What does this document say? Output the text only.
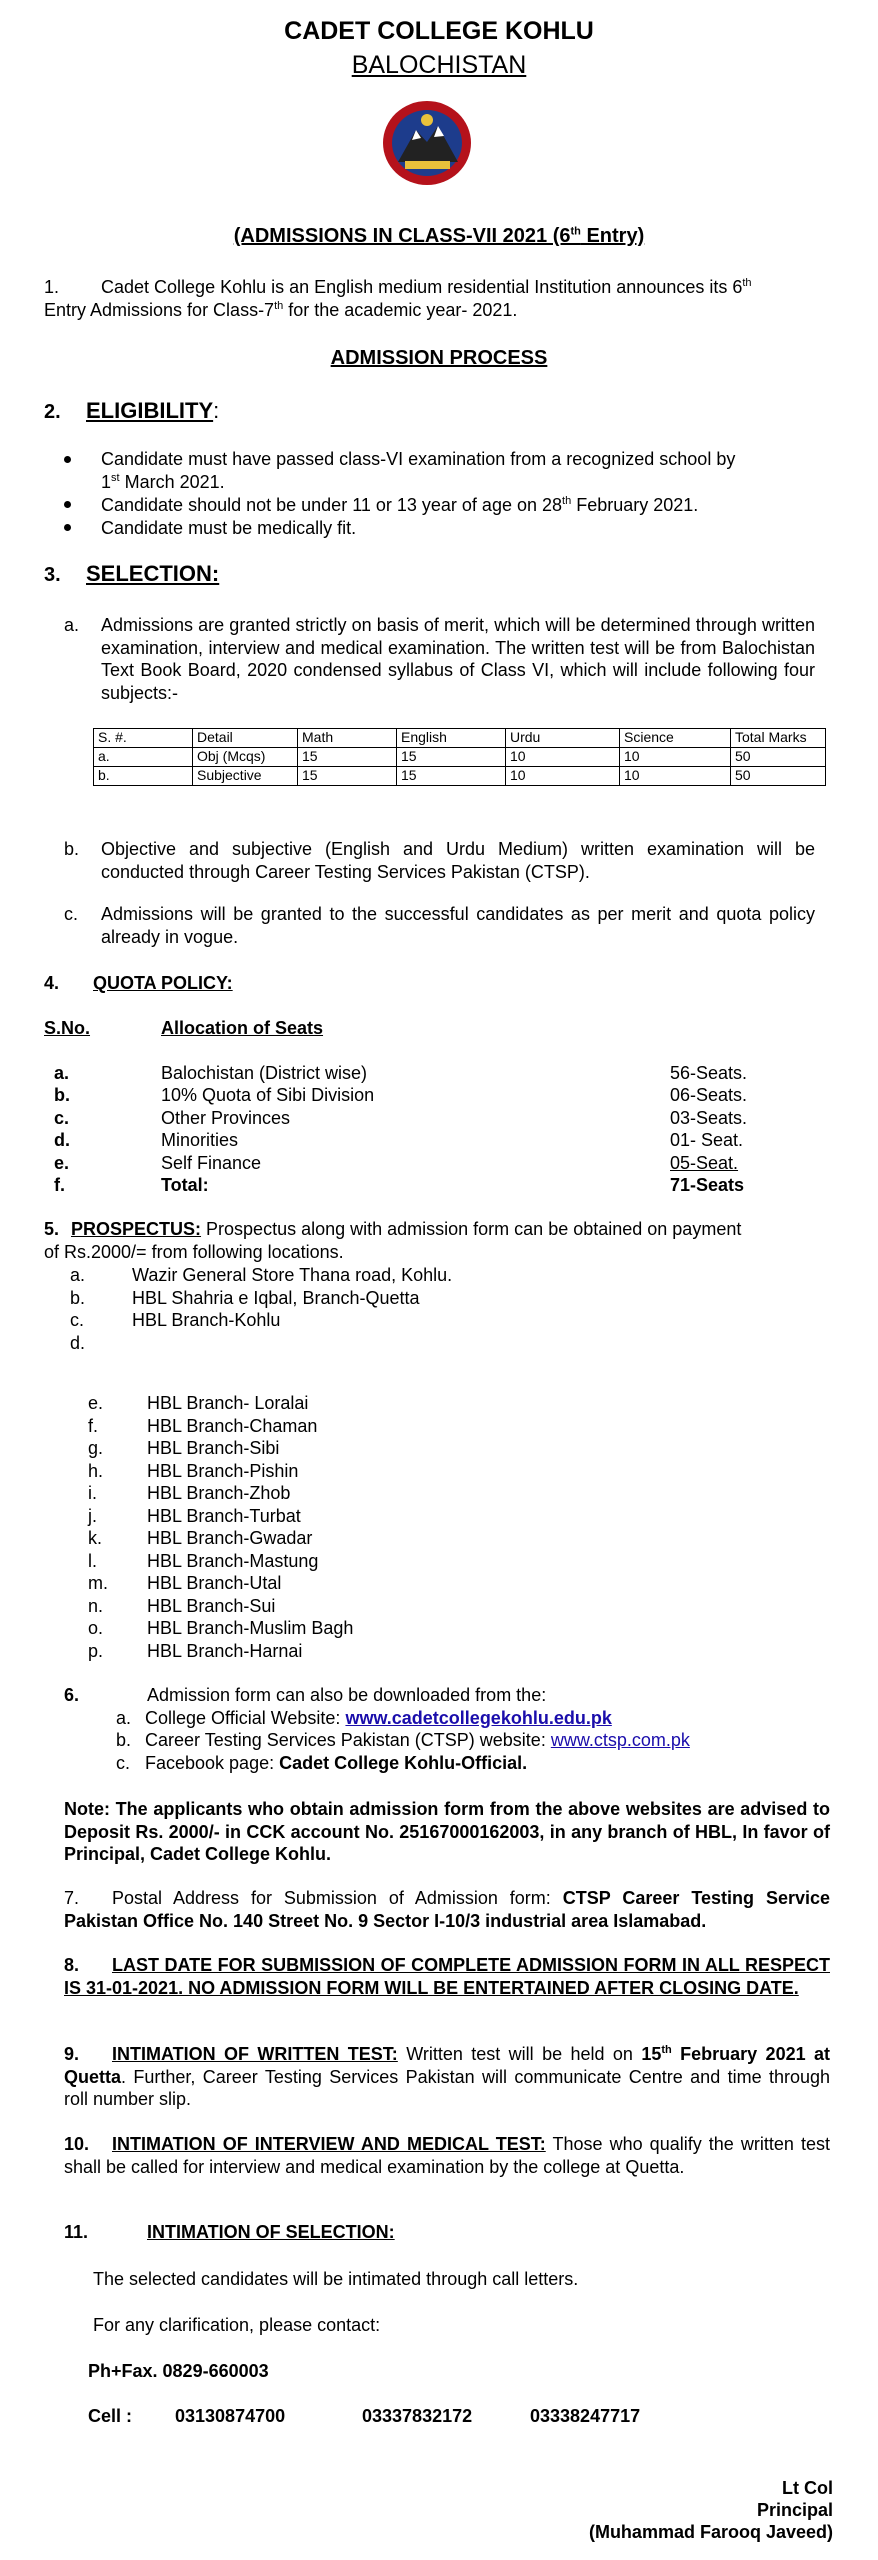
CADET COLLEGE KOHLU
BALOCHISTAN
(ADMISSIONS IN CLASS-VII 2021 (6th Entry)
1. Cadet College Kohlu is an English medium residential Institution announces its 6th
Entry Admissions for Class-7th for the academic year- 2021.
ADMISSION PROCESS
2. ELIGIBILITY:
Candidate must have passed class-VI examination from a recognized school by
1st March 2021.
Candidate should not be under 11 or 13 year of age on 28th February 2021.
Candidate must be medically fit.
3. SELECTION:
a. Admissions are granted strictly on basis of merit, which will be determined through written examination, interview and medical examination. The written test will be from Balochistan Text Book Board, 2020 condensed syllabus of Class VI, which will include following four subjects:-
S. #.	Detail	Math	English	Urdu	Science	Total Marks
a.	Obj (Mcqs)	15	15	10	10	50
b.	Subjective	15	15	10	10	50
b. Objective and subjective (English and Urdu Medium) written examination will be conducted through Career Testing Services Pakistan (CTSP).
c. Admissions will be granted to the successful candidates as per merit and quota policy already in vogue.
4. QUOTA POLICY:
S.No.	Allocation of Seats
a.	Balochistan (District wise)	56-Seats.
b.	10% Quota of Sibi Division	06-Seats.
c.	Other Provinces	03-Seats.
d.	Minorities	01- Seat.
e.	Self Finance	05-Seat.
f.	Total:	71-Seats
5. PROSPECTUS: Prospectus along with admission form can be obtained on payment
of Rs.2000/= from following locations.
a.	Wazir General Store Thana road, Kohlu.
b.	HBL Shahria e Iqbal, Branch-Quetta
c.	HBL Branch-Kohlu
d.
e. HBL Branch- Loralai
f.	HBL Branch-Chaman
g. HBL Branch-Sibi
h. HBL Branch-Pishin
i.	HBL Branch-Zhob
j.	HBL Branch-Turbat
k. HBL Branch-Gwadar
l.	HBL Branch-Mastung
m. HBL Branch-Utal
n. HBL Branch-Sui
o. HBL Branch-Muslim Bagh
p. HBL Branch-Harnai
6.	Admission form can also be downloaded from the:
a. College Official Website: www.cadetcollegekohlu.edu.pk
b. Career Testing Services Pakistan (CTSP) website: www.ctsp.com.pk
c. Facebook page: Cadet College Kohlu-Official.
Note: The applicants who obtain admission form from the above websites are advised to Deposit Rs. 2000/- in CCK account No. 25167000162003, in any branch of HBL, In favor of Principal, Cadet College Kohlu.
Postal Address for Submission of Admission form: CTSP Career Testing Service Pakistan Office No. 140 Street No. 9 Sector I-10/3 industrial area Islamabad.
7.
LAST DATE FOR SUBMISSION OF COMPLETE ADMISSION FORM IN ALL RESPECT IS 31-01-2021. NO ADMISSION FORM WILL BE ENTERTAINED AFTER CLOSING DATE.
8.
INTIMATION OF WRITTEN TEST: Written test will be held on 15th February 2021 at Quetta. Further, Career Testing Services Pakistan will communicate Centre and time through roll number slip.
9.
INTIMATION OF INTERVIEW AND MEDICAL TEST: Those who qualify the written test shall be called for interview and medical examination by the college at Quetta.
10.
11.	INTIMATION OF SELECTION:
The selected candidates will be intimated through call letters.
For any clarification, please contact:
Ph+Fax. 0829-660003
Cell : 03130874700	03337832172	03338247717
Lt Col
Principal
(Muhammad Farooq Javeed)
